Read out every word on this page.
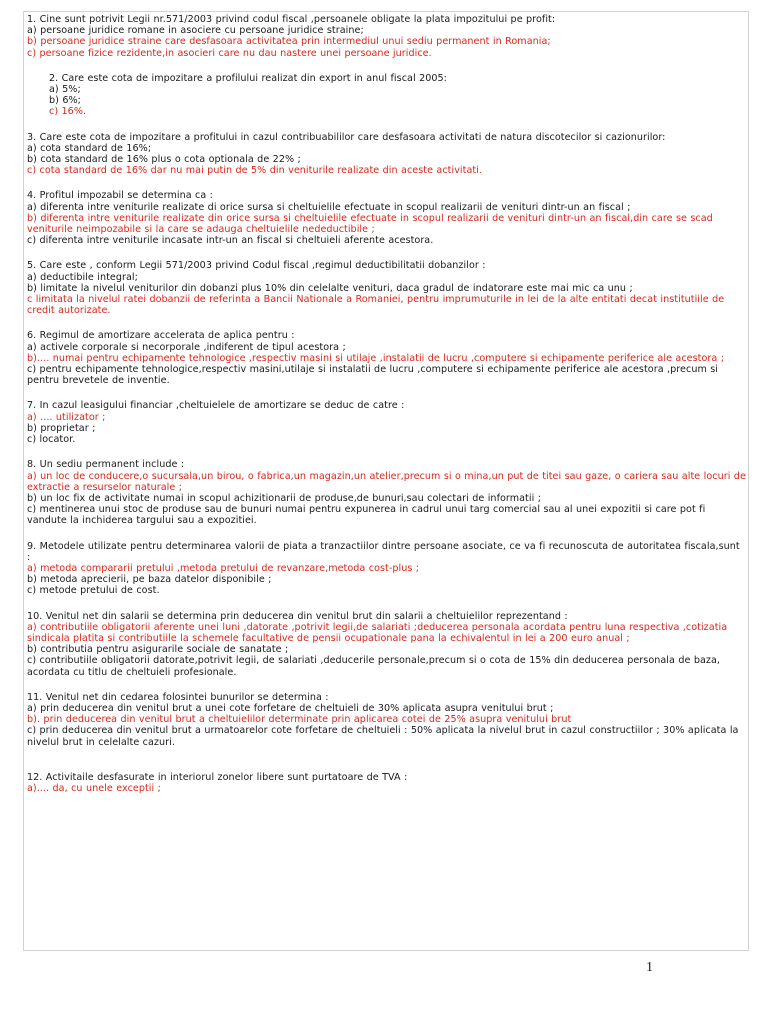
1. Cine sunt potrivit Legii nr.571/2003 privind codul fiscal ,persoanele obligate la plata impozitului pe profit:
a) persoane juridice romane in asociere cu persoane juridice straine;
b) persoane juridice straine care desfasoara activitatea prin intermediul unui sediu permanent in Romania;
c) persoane fizice rezidente,in asocieri care nu dau nastere unei persoane juridice.
2. Care este cota de impozitare a profilului realizat din export in anul fiscal 2005:
a) 5%;
b) 6%;
c) 16%.
3. Care este cota de impozitare a profitului in cazul contribuabililor care desfasoara activitati de natura discotecilor si cazionurilor:
a) cota standard de 16%;
b) cota standard de 16% plus o cota optionala de 22% ;
c) cota standard de 16% dar nu mai putin de 5% din veniturile realizate din aceste activitati.
4. Profitul impozabil se determina ca :
a) diferenta intre veniturile realizate di orice sursa si cheltuielile efectuate in scopul realizarii de venituri dintr-un an fiscal ;
b) diferenta intre veniturile realizate din orice sursa si cheltuielile efectuate in scopul realizarii de venituri dintr-un an fiscal,din care se scad veniturile neimpozabile si la care se adauga cheltuielile nedeductibile ;
c) diferenta intre veniturile incasate intr-un an fiscal si cheltuieli aferente acestora.
5. Care este , conform Legii 571/2003 privind Codul fiscal ,regimul deductibilitatii dobanzilor :
a) deductibile integral;
b) limitate la nivelul veniturilor din dobanzi plus 10% din celelalte venituri, daca gradul de indatorare este mai mic ca unu ;
c limitata la nivelul ratei dobanzii de referinta a Bancii Nationale a Romaniei, pentru imprumuturile in lei de la alte entitati decat institutiile de credit autorizate.
6. Regimul de amortizare accelerata de aplica pentru :
a) activele corporale si necorporale ,indiferent de tipul acestora ;
b).... numai pentru echipamente tehnologice ,respectiv masini si utilaje ,instalatii de lucru ,computere si echipamente periferice ale acestora ;
c) pentru echipamente tehnologice,respectiv masini,utilaje si instalatii de lucru ,computere si echipamente periferice ale acestora ,precum si pentru brevetele de inventie.
7. In cazul leasigului financiar ,cheltuielele de amortizare se deduc de catre :
a) .... utilizator ;
b) proprietar ;
c) locator.
8. Un sediu permanent include :
a) un loc de conducere,o sucursala,un birou, o fabrica,un magazin,un atelier,precum si o mina,un put de titei sau gaze, o cariera sau alte locuri de extractie a resurselor naturale ;
b) un loc fix de activitate numai in scopul achizitionarii de produse,de bunuri,sau colectari de informatii ;
c) mentinerea unui stoc de produse sau de bunuri numai pentru expunerea in cadrul unui targ comercial sau al unei expozitii si care pot fi vandute la inchiderea targului sau a expozitiei.
9. Metodele utilizate pentru determinarea valorii de piata a tranzactiilor dintre persoane asociate, ce va fi recunoscuta de autoritatea fiscala,sunt :
a) metoda compararii pretului ,metoda pretului de revanzare,metoda cost-plus ;
b) metoda aprecierii, pe baza datelor disponibile ;
c) metode pretului de cost.
10. Venitul net din salarii se determina prin deducerea din venitul brut din salarii a cheltuielilor reprezentand :
a) contributiile obligatorii aferente unei luni ,datorate ,potrivit legii,de salariati ;deducerea personala acordata pentru luna respectiva ,cotizatia sindicala platita si contributiile la schemele facultative de pensii ocupationale pana la echivalentul in lei a 200 euro anual ;
b) contributia pentru asigurarile sociale de sanatate ;
c) contributiile obligatorii datorate,potrivit legii, de salariati ,deducerile personale,precum si o cota de 15% din deducerea personala de baza, acordata cu titlu de cheltuieli profesionale.
11. Venitul net din cedarea folosintei bunurilor se determina :
a) prin deducerea din venitul brut a unei cote forfetare de cheltuieli de 30% aplicata asupra venitului brut ;
b). prin deducerea din venitul brut a cheltuielilor determinate prin aplicarea cotei de 25% asupra venitului brut
c) prin deducerea din venitul brut a urmatoarelor cote forfetare de cheltuieli : 50% aplicata la nivelul brut in cazul constructiilor ; 30% aplicata la nivelul brut in celelalte cazuri.
12. Activitaile desfasurate in interiorul zonelor libere sunt purtatoare de TVA :
a).... da, cu unele exceptii ;
1
